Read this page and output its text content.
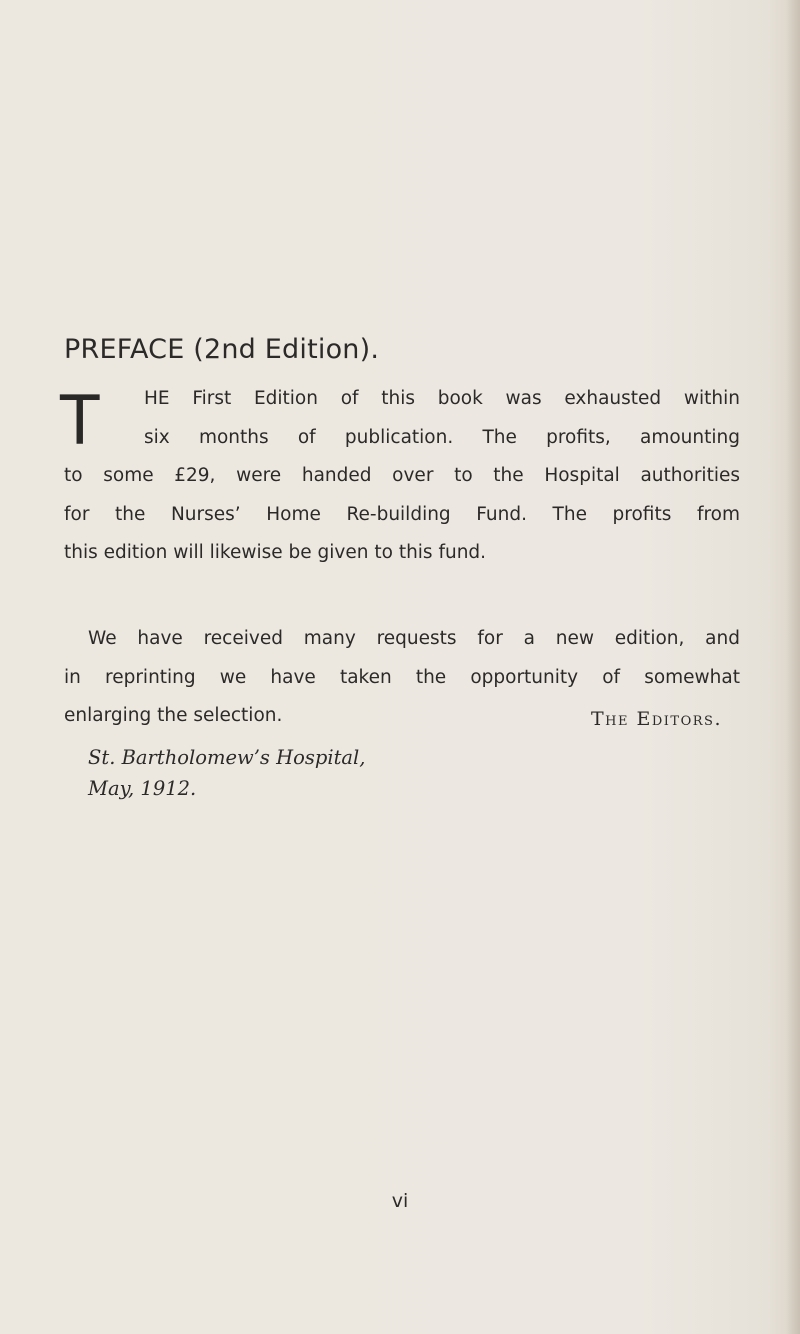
PREFACE (2nd Edition).
T	HE First Edition of this book was exhausted within
six months of publication. The profits, amounting
to some £29, were handed over to the Hospital authorities
for the Nurses’ Home Re-building Fund. The profits from
this edition will likewise be given to this fund.
We have received many requests for a new edition, and
in reprinting we have taken the opportunity of somewhat
enlarging the selection.	The Editors.
St. Bartholomew’s Hospital,
May, 1912.
vi
